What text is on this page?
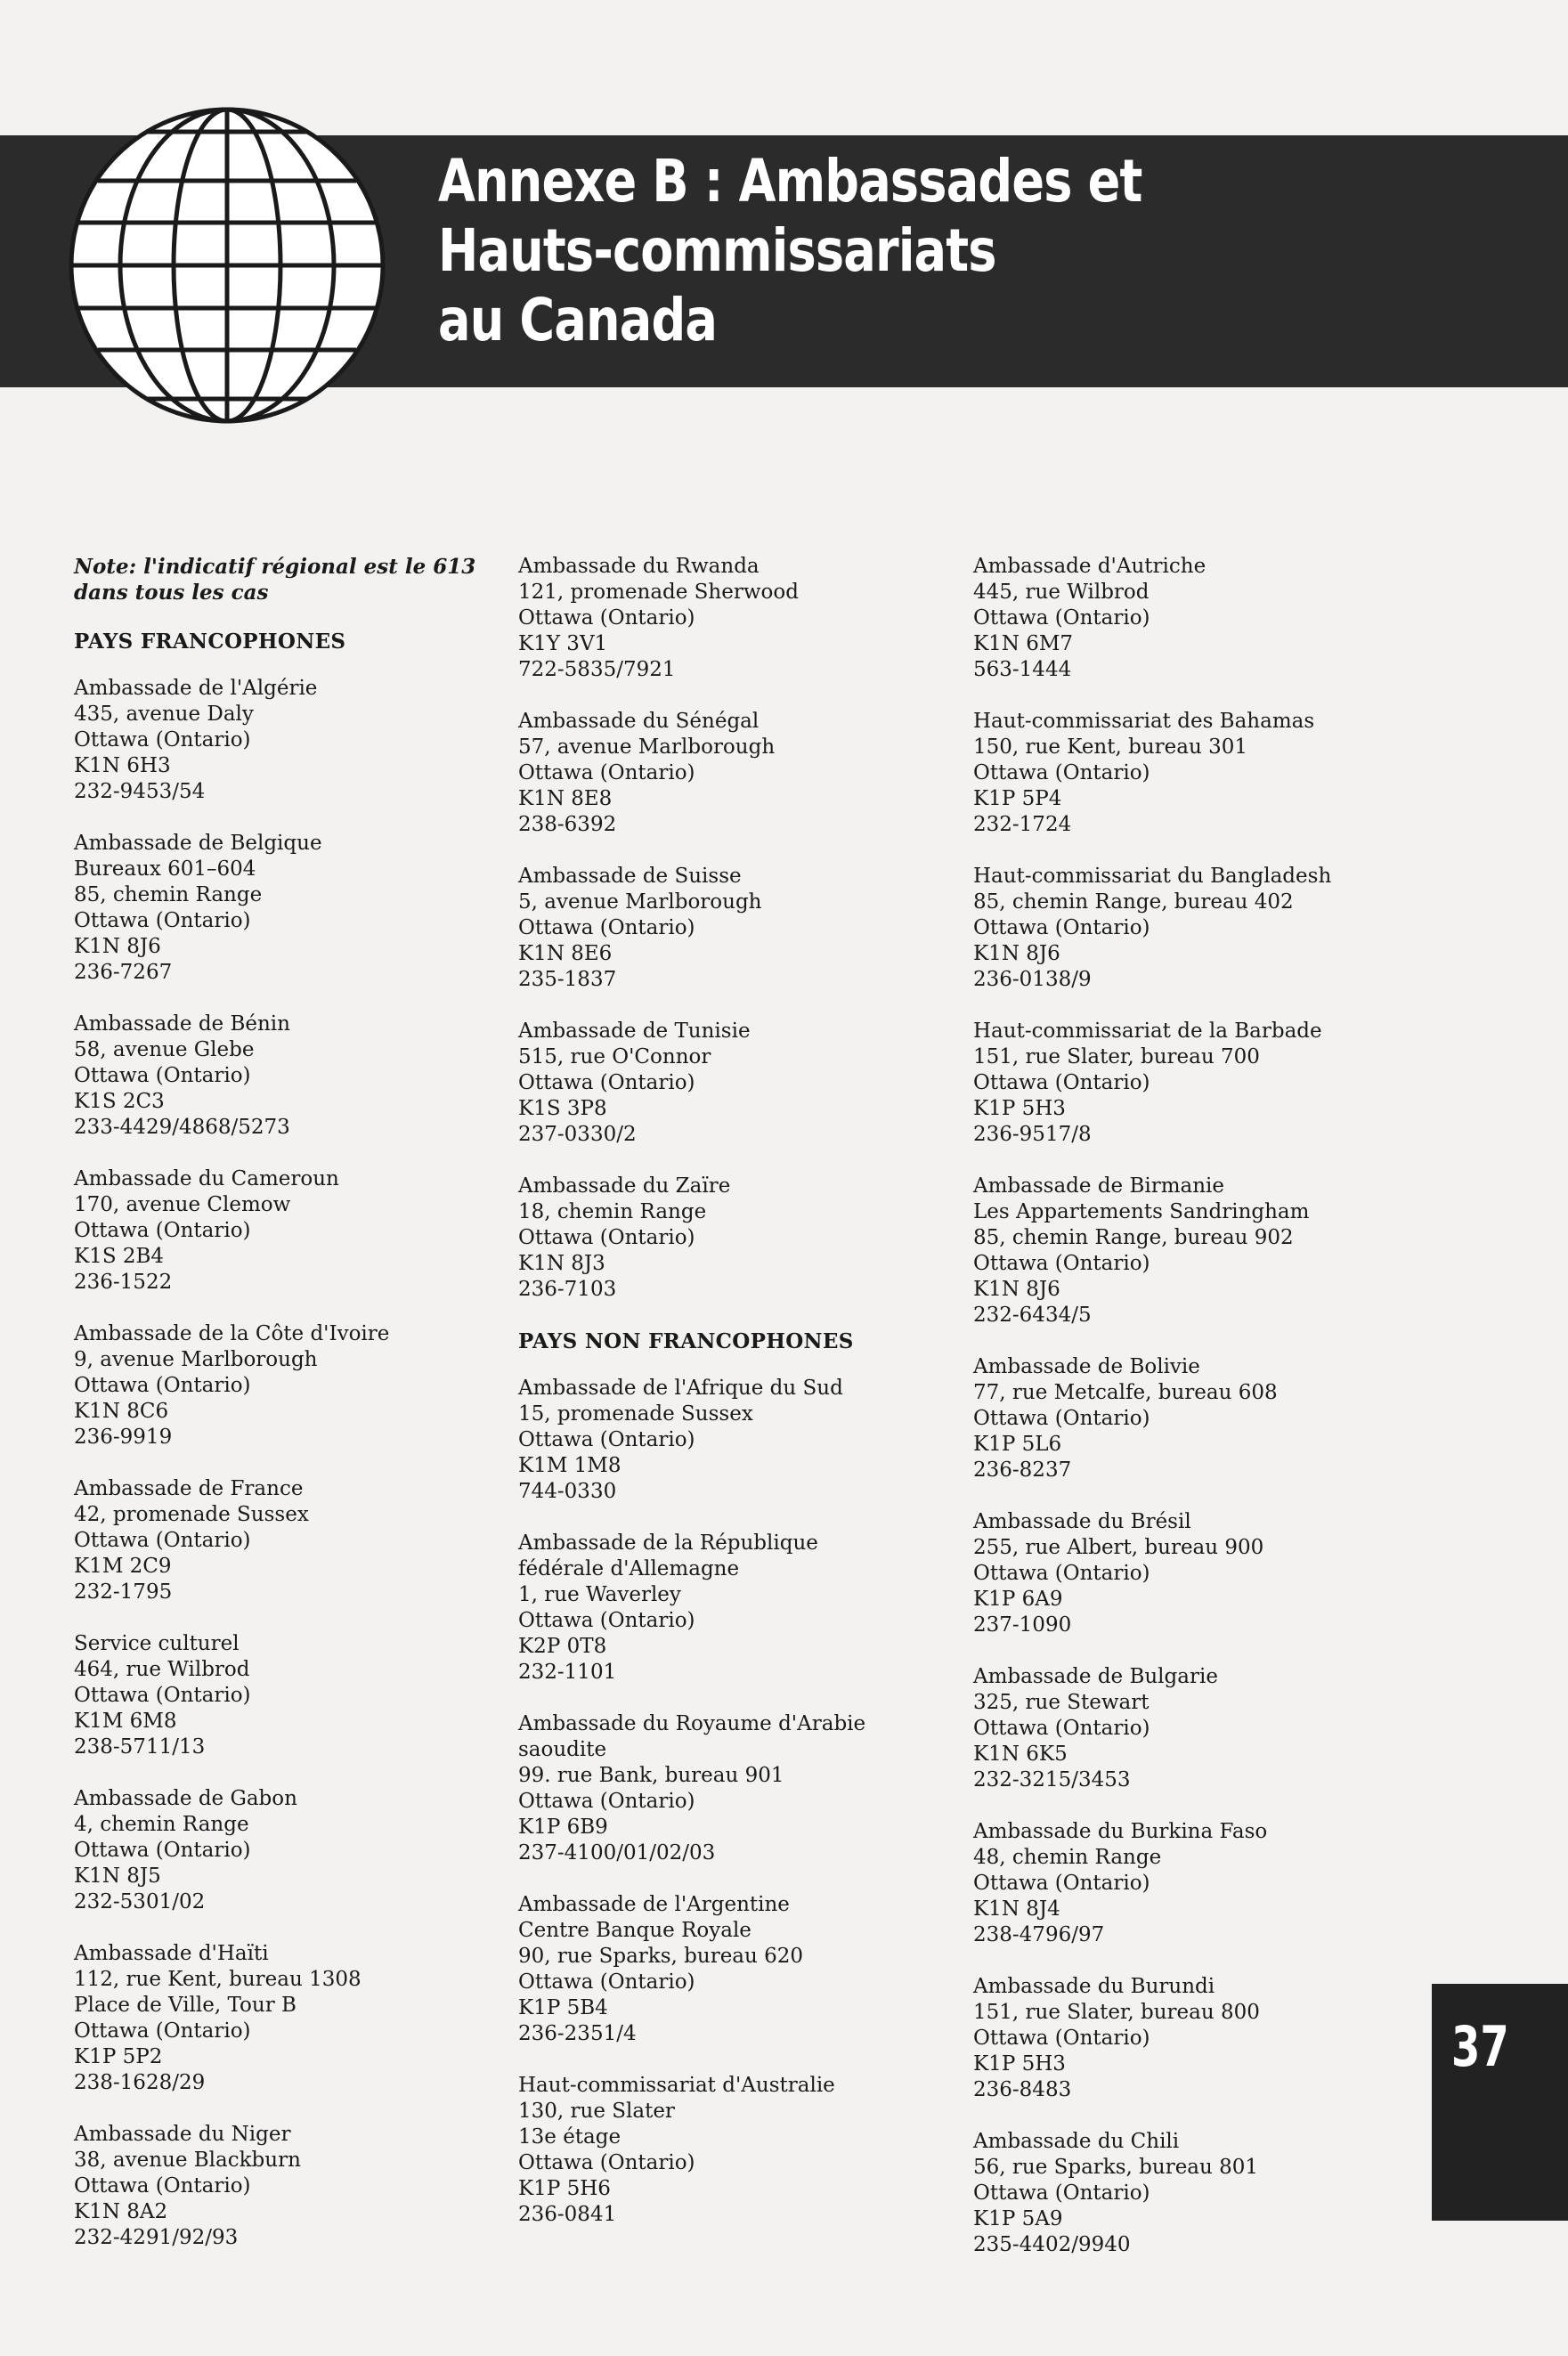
Annexe B : Ambassades et
Hauts-commissariats
au Canada
Note: l'indicatif régional est le 613 dans tous les cas
PAYS FRANCOPHONES
Ambassade de l'Algérie
435, avenue Daly
Ottawa (Ontario)
K1N 6H3
232-9453/54
Ambassade de Belgique
Bureaux 601–604
85, chemin Range
Ottawa (Ontario)
K1N 8J6
236-7267
Ambassade de Bénin
58, avenue Glebe
Ottawa (Ontario)
K1S 2C3
233-4429/4868/5273
Ambassade du Cameroun
170, avenue Clemow
Ottawa (Ontario)
K1S 2B4
236-1522
Ambassade de la Côte d'Ivoire
9, avenue Marlborough
Ottawa (Ontario)
K1N 8C6
236-9919
Ambassade de France
42, promenade Sussex
Ottawa (Ontario)
K1M 2C9
232-1795
Service culturel
464, rue Wilbrod
Ottawa (Ontario)
K1M 6M8
238-5711/13
Ambassade de Gabon
4, chemin Range
Ottawa (Ontario)
K1N 8J5
232-5301/02
Ambassade d'Haïti
112, rue Kent, bureau 1308
Place de Ville, Tour B
Ottawa (Ontario)
K1P 5P2
238-1628/29
Ambassade du Niger
38, avenue Blackburn
Ottawa (Ontario)
K1N 8A2
232-4291/92/93
Ambassade du Rwanda
121, promenade Sherwood
Ottawa (Ontario)
K1Y 3V1
722-5835/7921
Ambassade du Sénégal
57, avenue Marlborough
Ottawa (Ontario)
K1N 8E8
238-6392
Ambassade de Suisse
5, avenue Marlborough
Ottawa (Ontario)
K1N 8E6
235-1837
Ambassade de Tunisie
515, rue O'Connor
Ottawa (Ontario)
K1S 3P8
237-0330/2
Ambassade du Zaïre
18, chemin Range
Ottawa (Ontario)
K1N 8J3
236-7103
PAYS NON FRANCOPHONES
Ambassade de l'Afrique du Sud
15, promenade Sussex
Ottawa (Ontario)
K1M 1M8
744-0330
Ambassade de la République
fédérale d'Allemagne
1, rue Waverley
Ottawa (Ontario)
K2P 0T8
232-1101
Ambassade du Royaume d'Arabie
saoudite
99. rue Bank, bureau 901
Ottawa (Ontario)
K1P 6B9
237-4100/01/02/03
Ambassade de l'Argentine
Centre Banque Royale
90, rue Sparks, bureau 620
Ottawa (Ontario)
K1P 5B4
236-2351/4
Haut-commissariat d'Australie
130, rue Slater
13e étage
Ottawa (Ontario)
K1P 5H6
236-0841
Ambassade d'Autriche
445, rue Wilbrod
Ottawa (Ontario)
K1N 6M7
563-1444
Haut-commissariat des Bahamas
150, rue Kent, bureau 301
Ottawa (Ontario)
K1P 5P4
232-1724
Haut-commissariat du Bangladesh
85, chemin Range, bureau 402
Ottawa (Ontario)
K1N 8J6
236-0138/9
Haut-commissariat de la Barbade
151, rue Slater, bureau 700
Ottawa (Ontario)
K1P 5H3
236-9517/8
Ambassade de Birmanie
Les Appartements Sandringham
85, chemin Range, bureau 902
Ottawa (Ontario)
K1N 8J6
232-6434/5
Ambassade de Bolivie
77, rue Metcalfe, bureau 608
Ottawa (Ontario)
K1P 5L6
236-8237
Ambassade du Brésil
255, rue Albert, bureau 900
Ottawa (Ontario)
K1P 6A9
237-1090
Ambassade de Bulgarie
325, rue Stewart
Ottawa (Ontario)
K1N 6K5
232-3215/3453
Ambassade du Burkina Faso
48, chemin Range
Ottawa (Ontario)
K1N 8J4
238-4796/97
Ambassade du Burundi
151, rue Slater, bureau 800
Ottawa (Ontario)
K1P 5H3
236-8483
Ambassade du Chili
56, rue Sparks, bureau 801
Ottawa (Ontario)
K1P 5A9
235-4402/9940
37
